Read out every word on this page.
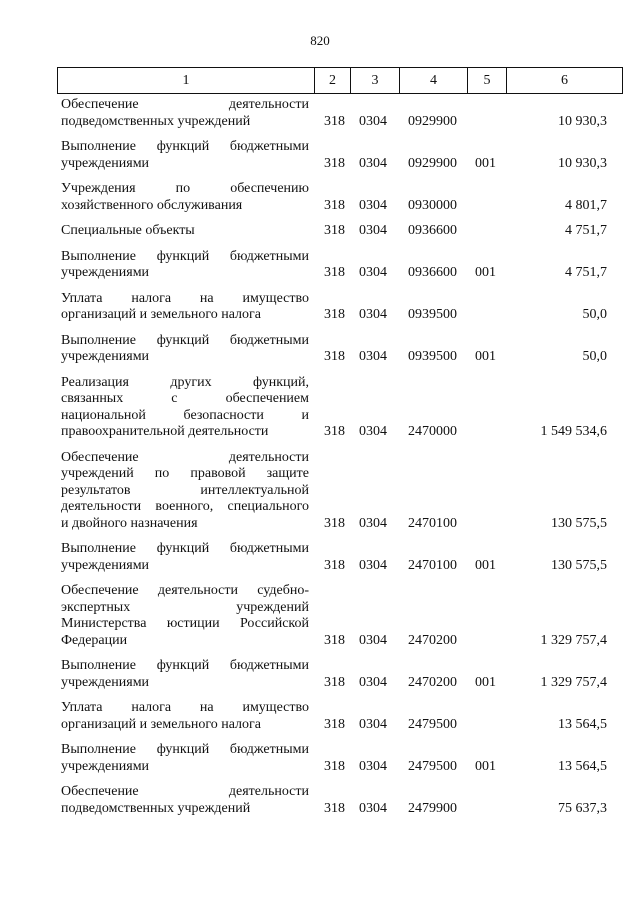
820
1	2	3	4	5	6
Обеспечение деятельности
подведомственных учреждений	318 0304 0929900	10 930,3
Выполнение функций бюджетными
учреждениями	318 0304 0929900 001	10 930,3
Учреждения по обеспечению
хозяйственного обслуживания	318 0304 0930000	4 801,7
Специальные объекты	318 0304 0936600	4 751,7
Выполнение функций бюджетными
учреждениями	318 0304 0936600 001	4 751,7
Уплата налога на имущество
организаций и земельного налога	318 0304 0939500	50,0
Выполнение функций бюджетными
учреждениями	318 0304 0939500 001	50,0
Реализация других функций,
связанных с обеспечением
национальной безопасности и
правоохранительной деятельности	318 0304 2470000	1 549 534,6
Обеспечение деятельности
учреждений по правовой защите
результатов интеллектуальной
деятельности военного, специального
и двойного назначения	318 0304 2470100	130 575,5
Выполнение функций бюджетными
учреждениями	318 0304 2470100 001	130 575,5
Обеспечение деятельности судебно-
экспертных учреждений
Министерства юстиции Российской
Федерации	318 0304 2470200	1 329 757,4
Выполнение функций бюджетными
учреждениями	318 0304 2470200 001	1 329 757,4
Уплата налога на имущество
организаций и земельного налога	318 0304 2479500	13 564,5
Выполнение функций бюджетными
учреждениями	318 0304 2479500 001	13 564,5
Обеспечение деятельности
подведомственных учреждений	318 0304 2479900	75 637,3
